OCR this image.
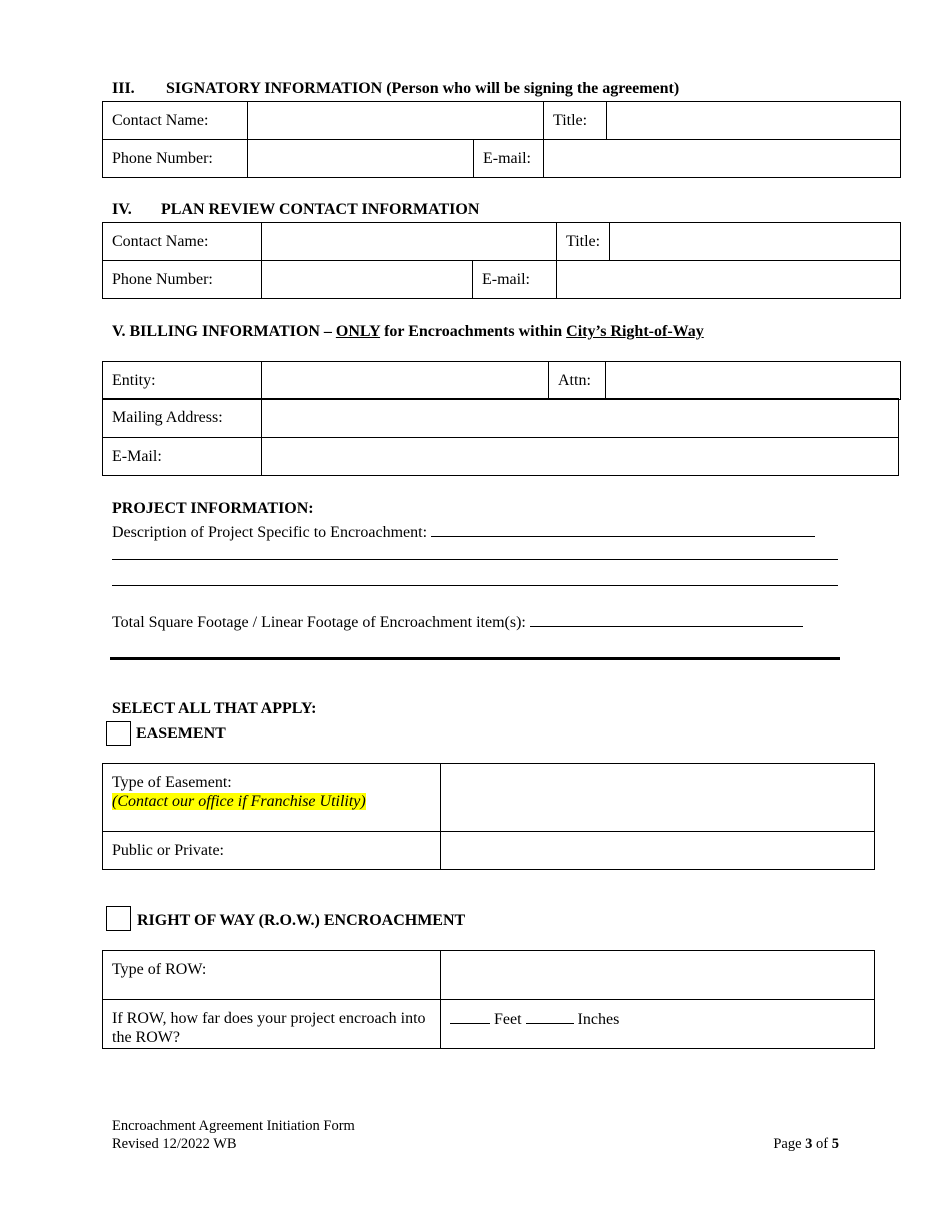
III. SIGNATORY INFORMATION (Person who will be signing the agreement)
Contact Name:			Title:	
Phone Number:		E-mail:		
IV. PLAN REVIEW CONTACT INFORMATION
Contact Name:			Title:	
Phone Number:		E-mail:		
V. BILLING INFORMATION – ONLY for Encroachments within City’s Right-of-Way
Entity:		Attn:	
Mailing Address:	
E-Mail:	
PROJECT INFORMATION:
Description of Project Specific to Encroachment:
Total Square Footage / Linear Footage of Encroachment item(s):
SELECT ALL THAT APPLY:
EASEMENT
Type of Easement:
(Contact our office if Franchise Utility)	

Public or Private:	
RIGHT OF WAY (R.O.W.) ENCROACHMENT
Type of ROW:	
If ROW, how far does your project encroach into the ROW?	Feet Inches
Encroachment Agreement Initiation Form
Revised 12/2022 WB	Page 3 of 5
